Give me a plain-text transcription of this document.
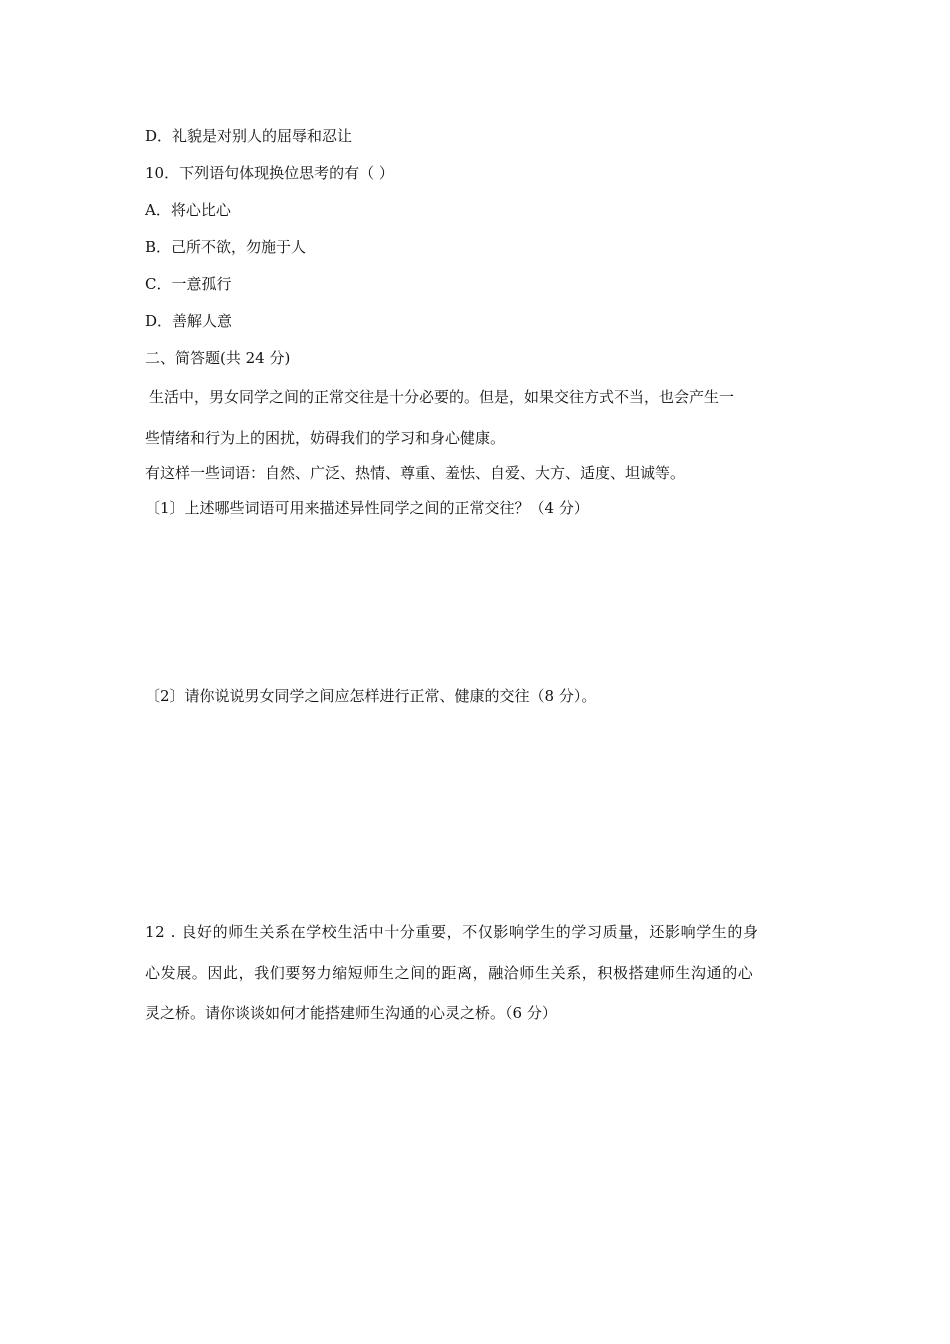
D．礼貌是对别人的屈辱和忍让
10．下列语句体现换位思考的有（ ）
A．将心比心
B．己所不欲，勿施于人
C．一意孤行
D．善解人意
二、简答题(共 24 分)
生活中，男女同学之间的正常交往是十分必要的。但是，如果交往方式不当，也会产生一
些情绪和行为上的困扰，妨碍我们的学习和身心健康。
有这样一些词语：自然、广泛、热情、尊重、羞怯、自爱、大方、适度、坦诚等。
〔1〕上述哪些词语可用来描述异性同学之间的正常交往？（4 分）
〔2〕请你说说男女同学之间应怎样进行正常、健康的交往（8 分）。
12 . 良好的师生关系在学校生活中十分重要，不仅影响学生的学习质量，还影响学生的身
心发展。因此，我们要努力缩短师生之间的距离，融洽师生关系，积极搭建师生沟通的心
灵之桥。请你谈谈如何才能搭建师生沟通的心灵之桥。（6 分）
